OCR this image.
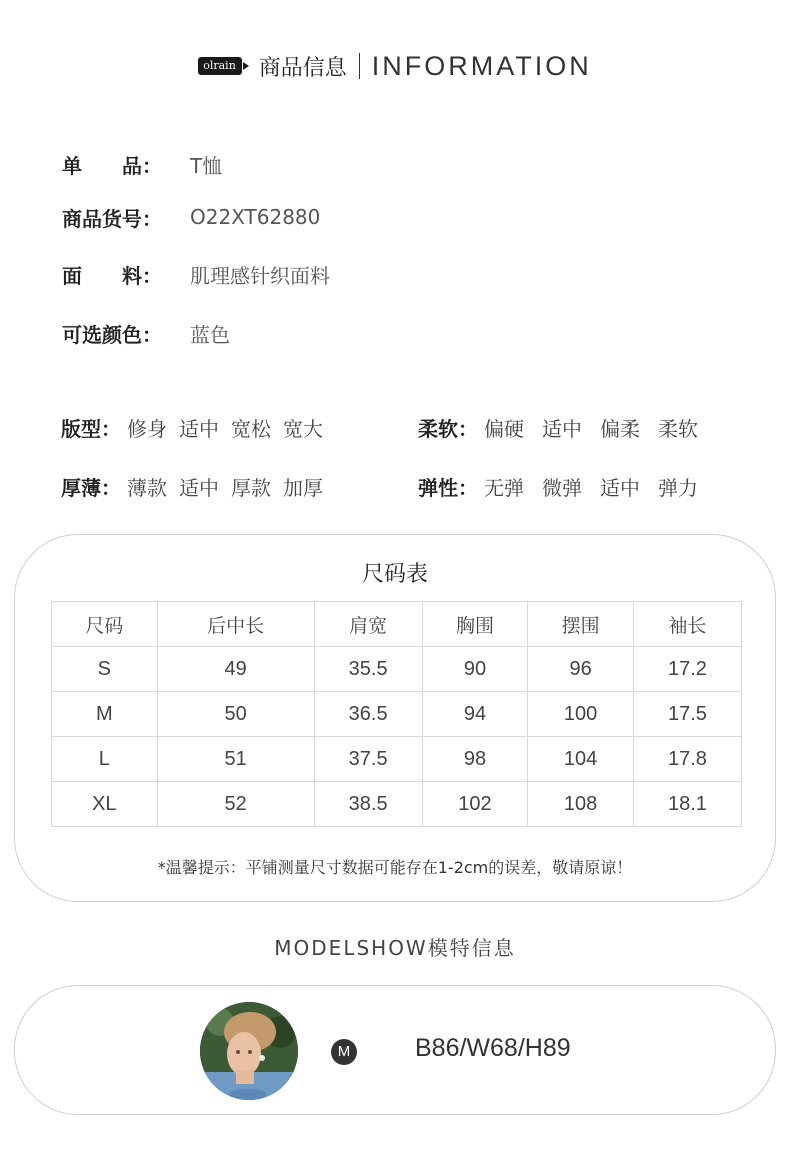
olrain 商品信息 INFORMATION
单 品： T恤
商品货号：	O22XT62880
面 料： 肌理感针织面料
可选颜色：	蓝色
版型： 修身 适中 宽松 宽大	柔软： 偏硬 适中 偏柔 柔软
厚薄： 薄款 适中 厚款 加厚	弹性： 无弹 微弹 适中 弹力
尺码表
尺码	后中长	肩宽	胸围	摆围	袖长
S	49	35.5	90	96	17.2
M	50	36.5	94	100	17.5
L	51	37.5	98	104	17.8
XL	52	38.5	102	108	18.1
*温馨提示：平铺测量尺寸数据可能存在1-2cm的误差，敬请原谅！
MODELSHOW模特信息
M	B86/W68/H89
